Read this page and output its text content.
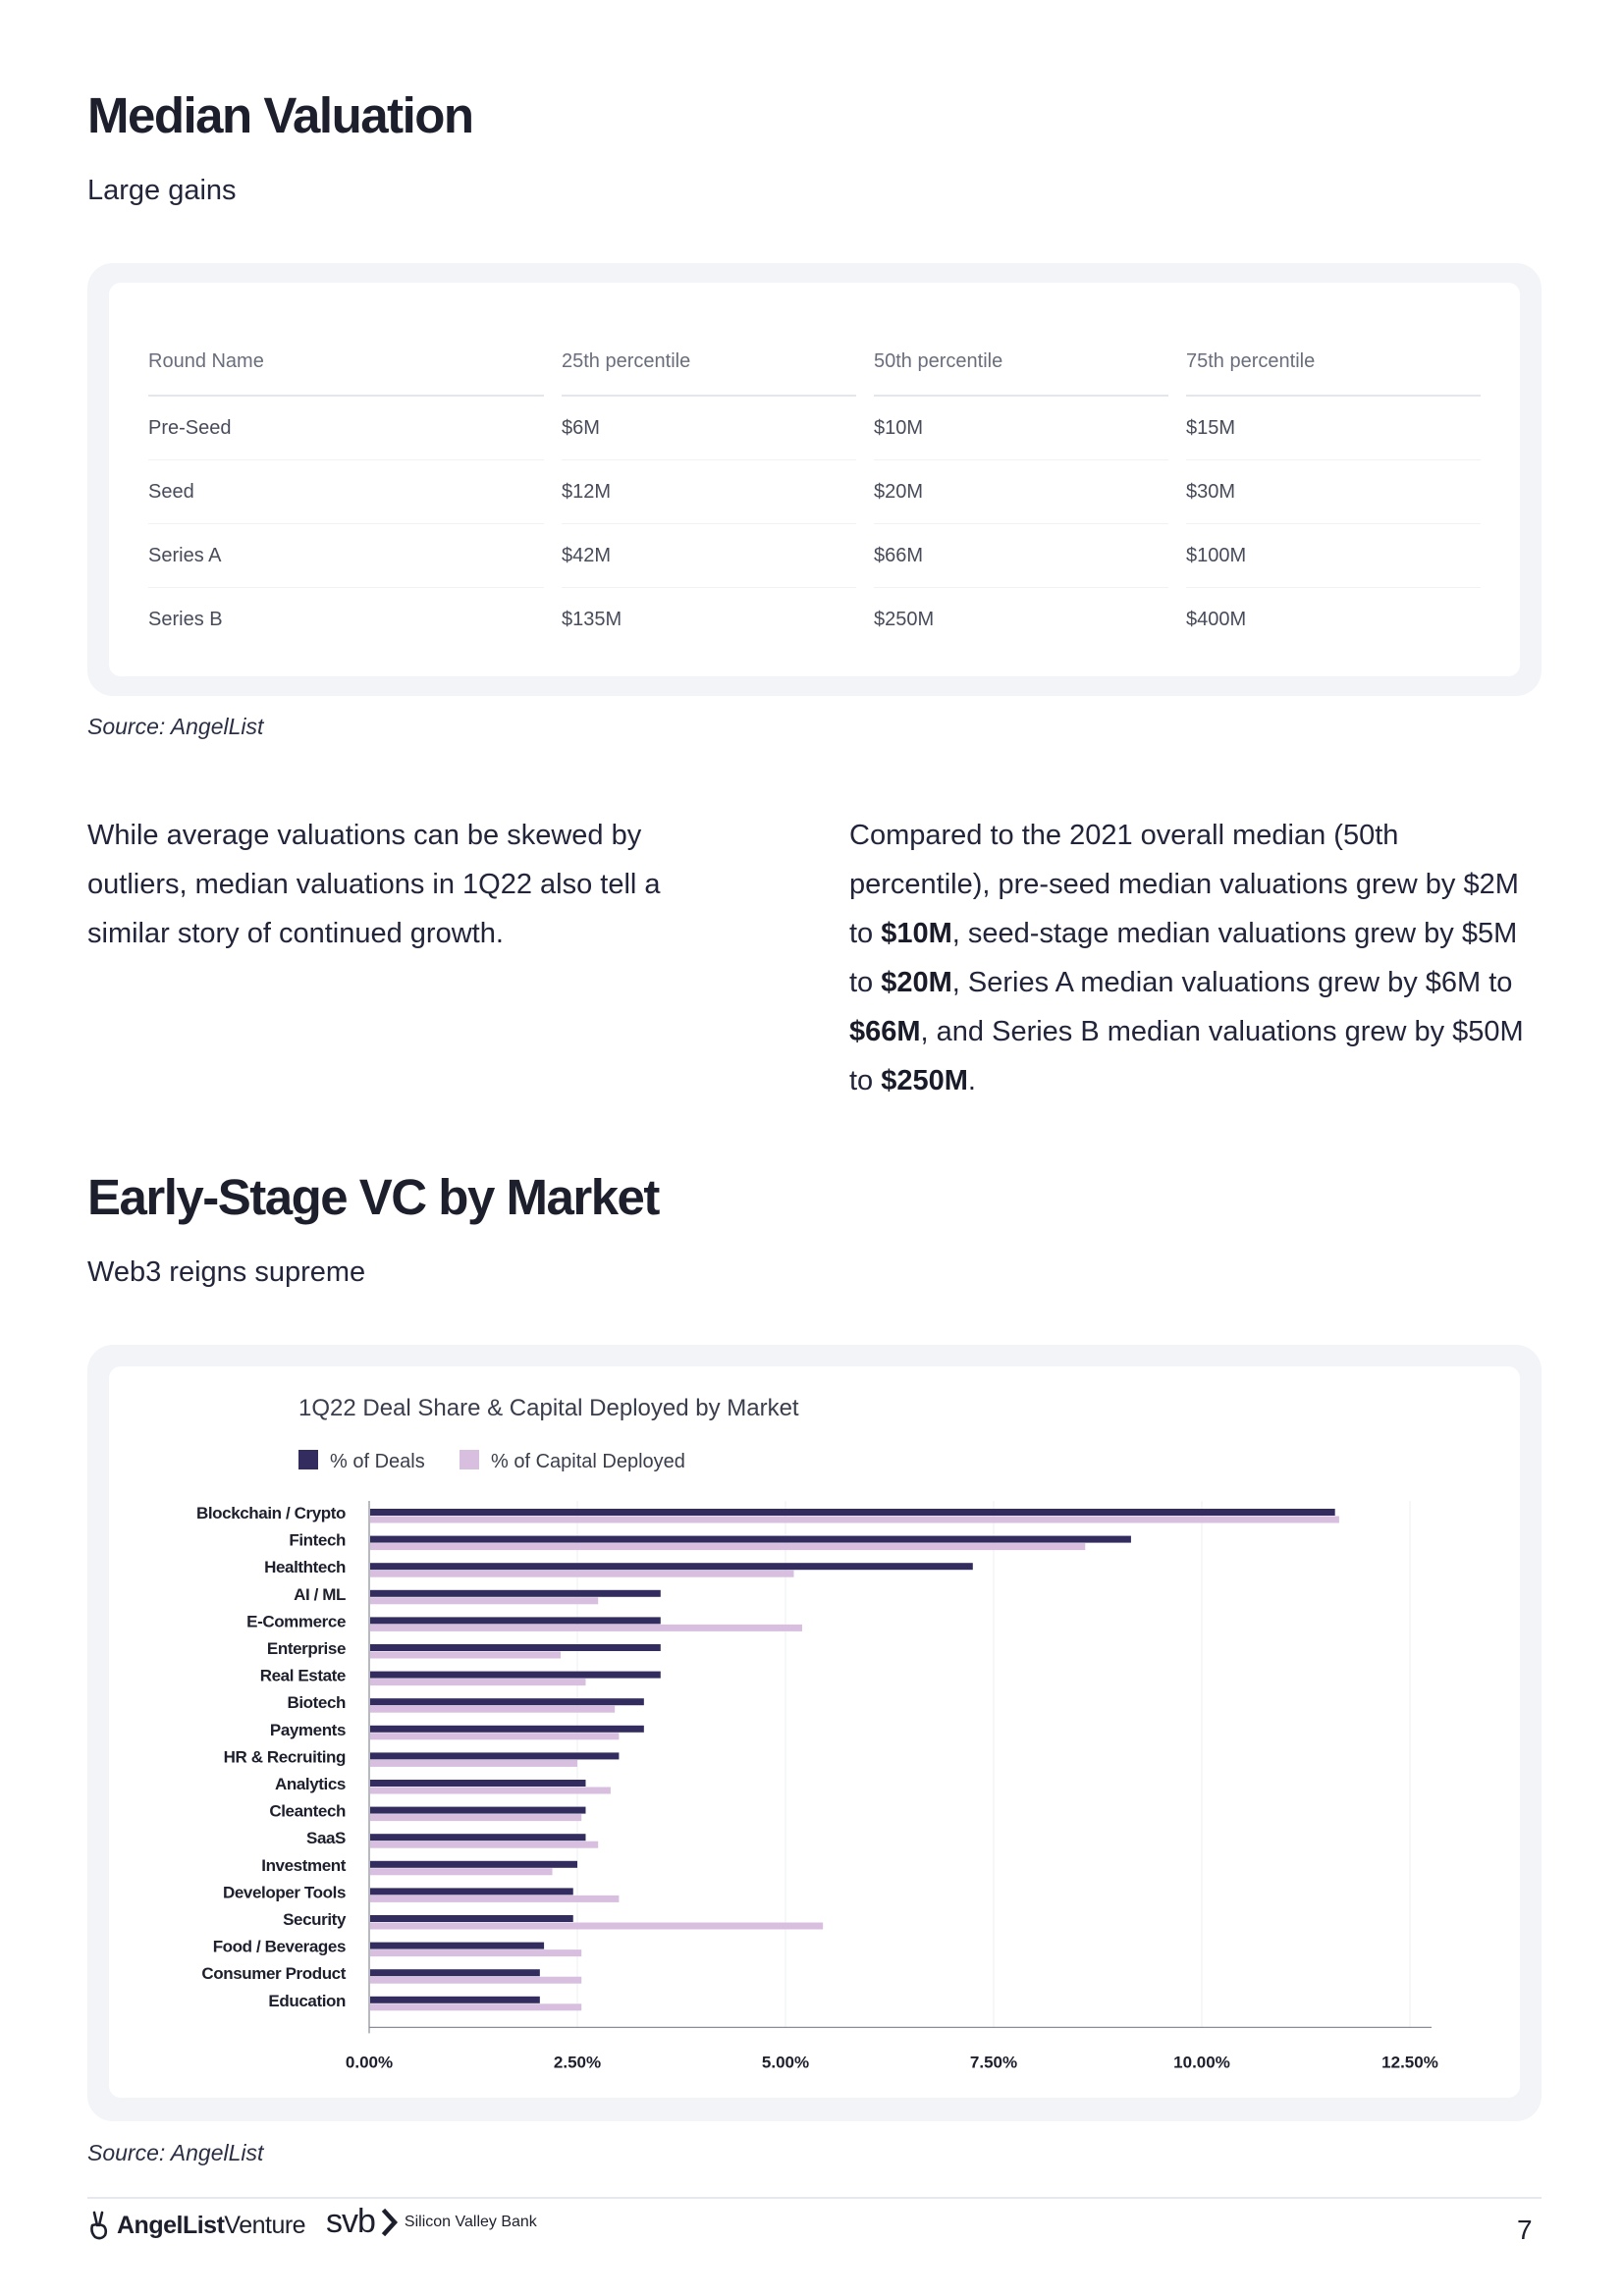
Median Valuation
Large gains
Round Name		25th percentile		50th percentile		75th percentile
Pre-Seed		$6M		$10M		$15M
Seed		$12M		$20M		$30M
Series A		$42M		$66M		$100M
Series B		$135M		$250M		$400M
Source: AngelList

While average valuations can be skewed by outliers, median valuations in 1Q22 also tell a similar story of continued growth.

Compared to the 2021 overall median (50th percentile), pre-seed median valuations grew by $2M to $10M, seed-stage median valuations grew by $5M to $20M, Series A median valuations grew by $6M to $66M, and Series B median valuations grew by $50M to $250M.

Early-Stage VC by Market
Web3 reigns supreme
1Q22 Deal Share & Capital Deployed by Market
% of Deals	% of Capital Deployed
Blockchain / Crypto
Fintech
Healthtech
AI / ML
E-Commerce
Enterprise
Real Estate
Biotech
Payments
HR & Recruiting
Analytics
Cleantech
SaaS
Investment
Developer Tools
Security
Food / Beverages
Consumer Product
Education
0.00%	2.50%	5.00%	7.50%	10.00%	12.50%
Source: AngelList
AngelListVenture svb Silicon Valley Bank	7
